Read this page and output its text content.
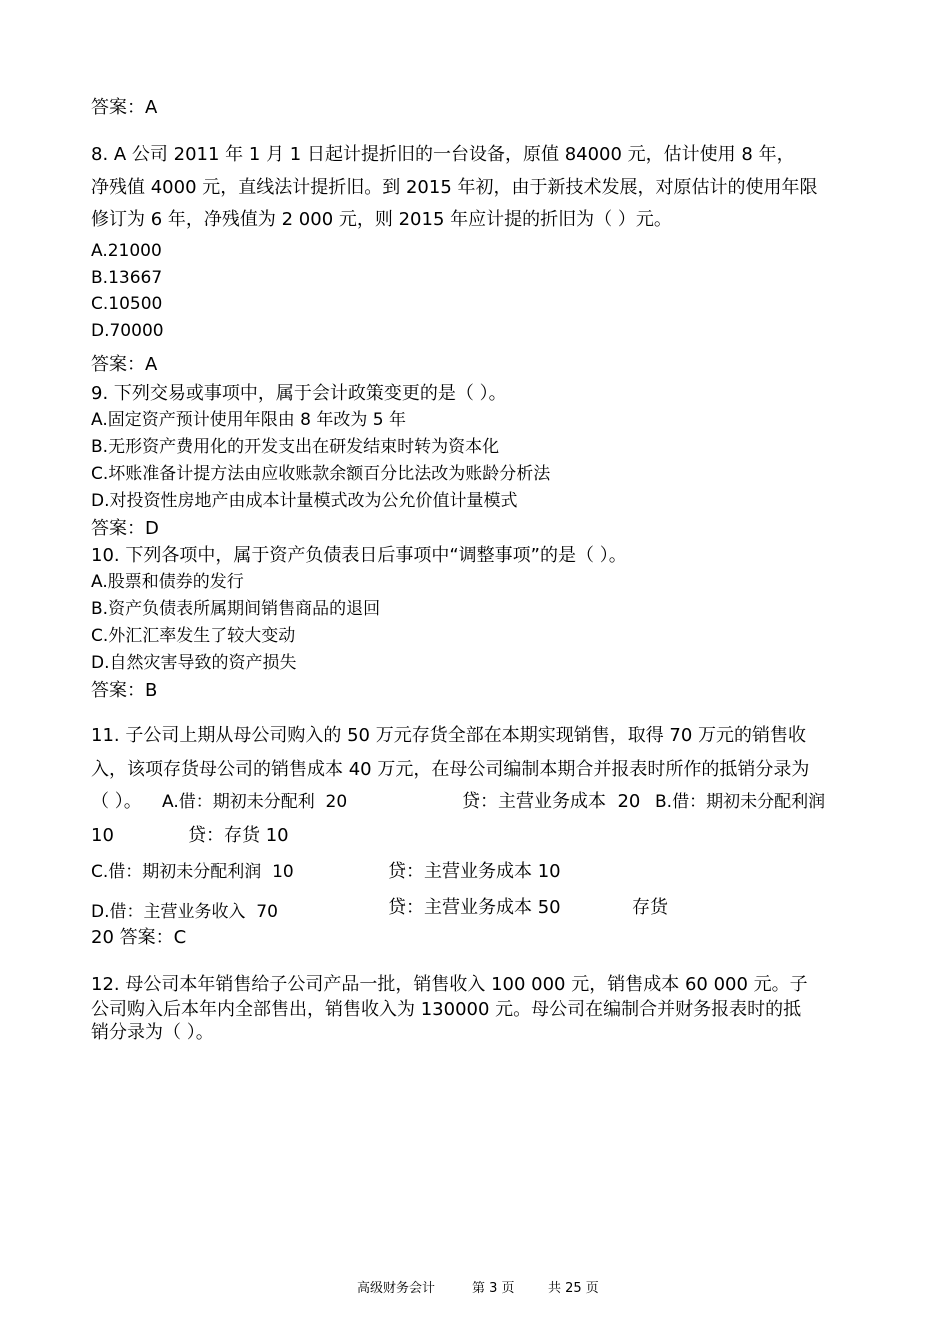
答案：A
8. A 公司 2011 年 1 月 1 日起计提折旧的一台设备，原值 84000 元，估计使用 8 年，
净残值 4000 元，直线法计提折旧。到 2015 年初，由于新技术发展，对原估计的使用年限
修订为 6 年，净残值为 2 000 元，则 2015 年应计提的折旧为（ ）元。
A.21000
B.13667
C.10500
D.70000
答案：A
9. 下列交易或事项中，属于会计政策变更的是（ ）。
A.固定资产预计使用年限由 8 年改为 5 年
B.无形资产费用化的开发支出在研发结束时转为资本化
C.坏账准备计提方法由应收账款余额百分比法改为账龄分析法
D.对投资性房地产由成本计量模式改为公允价值计量模式
答案：D
10. 下列各项中，属于资产负债表日后事项中“调整事项”的是（ ）。
A.股票和债券的发行
B.资产负债表所属期间销售商品的退回
C.外汇汇率发生了较大变动
D.自然灾害导致的资产损失
答案：B
11. 子公司上期从母公司购入的 50 万元存货全部在本期实现销售，取得 70 万元的销售收
入，该项存货母公司的销售成本 40 万元，在母公司编制本期合并报表时所作的抵销分录为
（ ）。 A.借：期初未分配利  20	贷：主营业务成本  20 B.借：期初未分配利润
10	贷：存货 10
C.借：期初未分配利润  10	贷：主营业务成本 10
D.借：主营业务收入  70	贷：主营业务成本 50	存货
20 答案：C
12. 母公司本年销售给子公司产品一批，销售收入 100 000 元，销售成本 60 000 元。子
公司购入后本年内全部售出，销售收入为 130000 元。母公司在编制合并财务报表时的抵
销分录为（ ）。
高级财务会计	第 3 页	共 25 页
